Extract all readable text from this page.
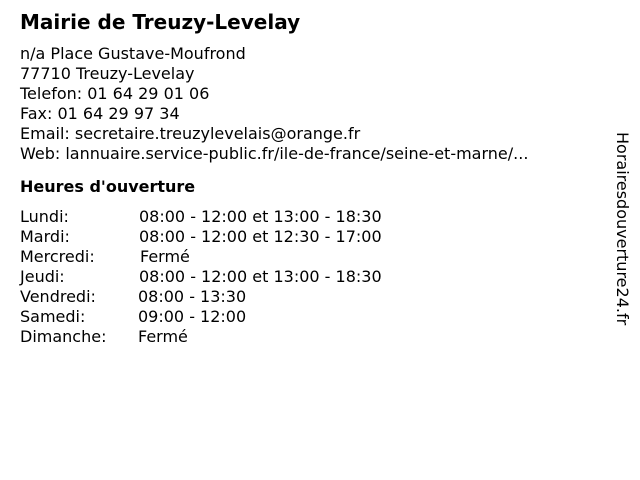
Mairie de Treuzy-Levelay
n/a Place Gustave-Moufrond
77710 Treuzy-Levelay
Telefon: 01 64 29 01 06
Fax: 01 64 29 97 34
Email: secretaire.treuzylevelais@orange.fr
Web: lannuaire.service-public.fr/ile-de-france/seine-et-marne/...
Heures d'ouverture
Lundi:	08:00 - 12:00 et 13:00 - 18:30
Mardi:	08:00 - 12:00 et 12:30 - 17:00
Mercredi:	Fermé
Jeudi:	08:00 - 12:00 et 13:00 - 18:30
Vendredi:	08:00 - 13:30
Samedi:	09:00 - 12:00
Dimanche: Fermé
Horairesdouverture24.fr
